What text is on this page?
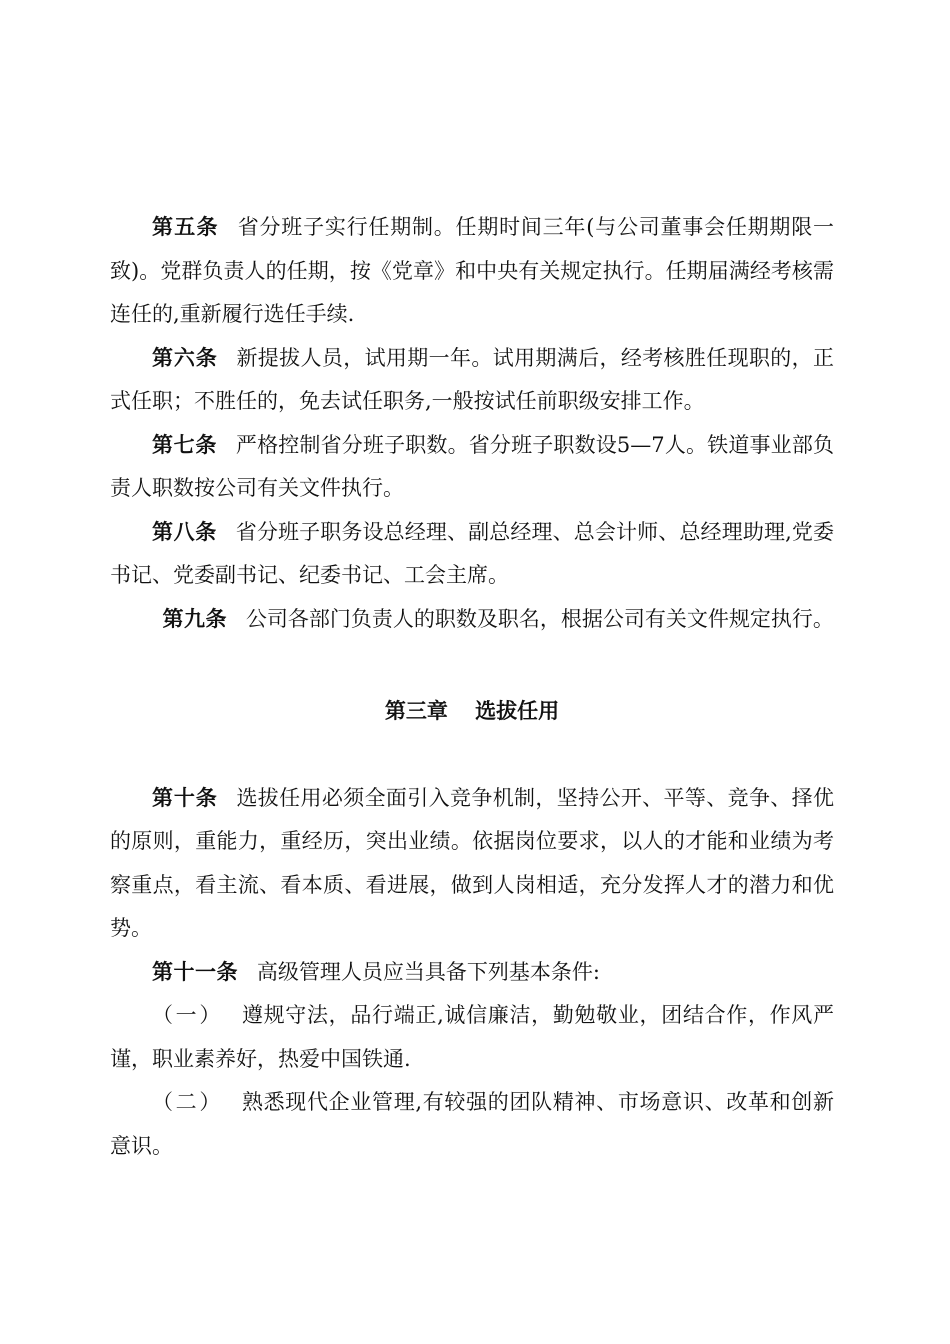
第五条 省分班子实行任期制。任期时间三年(与公司董事会任期期限一致)。党群负责人的任期，按《党章》和中央有关规定执行。任期届满经考核需连任的,重新履行选任手续.

第六条 新提拔人员，试用期一年。试用期满后，经考核胜任现职的，正式任职；不胜任的，免去试任职务,一般按试任前职级安排工作。

第七条 严格控制省分班子职数。省分班子职数设5—7人。铁道事业部负责人职数按公司有关文件执行。

第八条 省分班子职务设总经理、副总经理、总会计师、总经理助理,党委书记、党委副书记、纪委书记、工会主席。

第九条 公司各部门负责人的职数及职名，根据公司有关文件规定执行。

第三章 选拔任用

第十条 选拔任用必须全面引入竞争机制，坚持公开、平等、竞争、择优的原则，重能力，重经历，突出业绩。依据岗位要求，以人的才能和业绩为考察重点，看主流、看本质、看进展，做到人岗相适，充分发挥人才的潜力和优势。

第十一条 高级管理人员应当具备下列基本条件:

（一） 遵规守法，品行端正,诚信廉洁，勤勉敬业，团结合作，作风严谨，职业素养好，热爱中国铁通.

（二） 熟悉现代企业管理,有较强的团队精神、市场意识、改革和创新意识。
